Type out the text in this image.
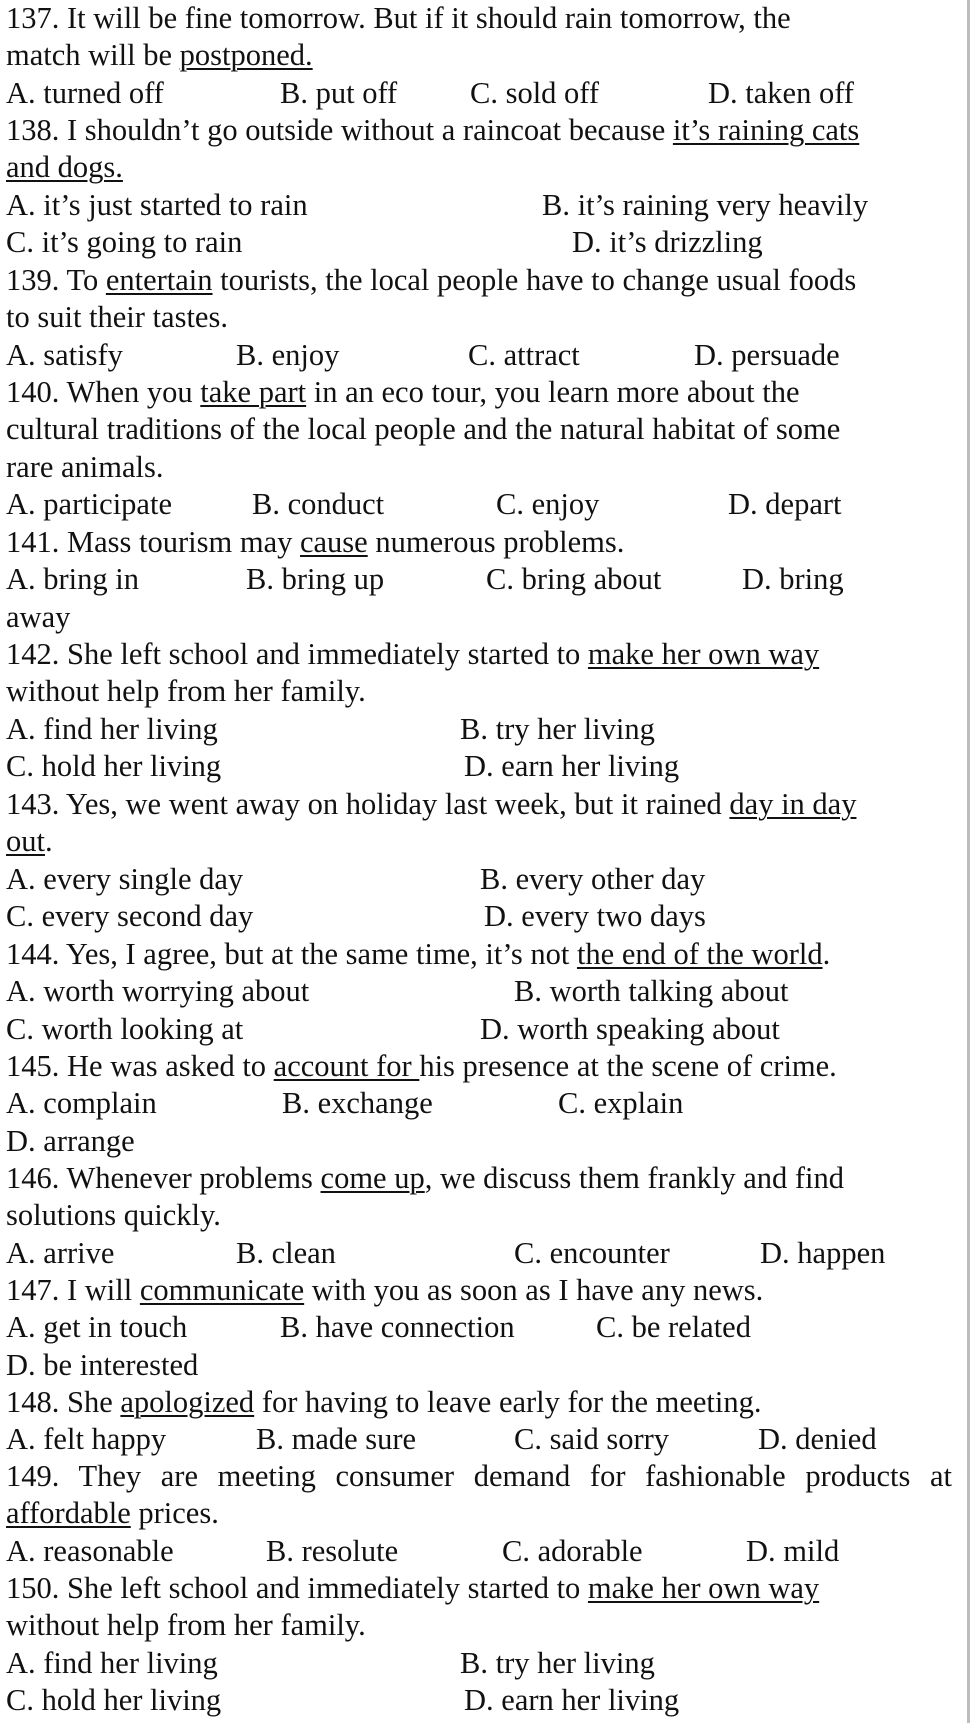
137. It will be fine tomorrow. But if it should rain tomorrow, the
match will be postponed.
A. turned off	B. put off C. sold off	D. taken off
138. I shouldn’t go outside without a raincoat because it’s raining cats
and dogs.
A. it’s just started to rain	B. it’s raining very heavily
C. it’s going to rain	D. it’s drizzling
139. To entertain tourists, the local people have to change usual foods
to suit their tastes.
A. satisfy	B. enjoy	C. attract	D. persuade
140. When you take part in an eco tour, you learn more about the
cultural traditions of the local people and the natural habitat of some
rare animals.
A. participate	B. conduct	C. enjoy	D. depart
141. Mass tourism may cause numerous problems.
A. bring in	B. bring up	C. bring about	D. bring
away
142. She left school and immediately started to make her own way
without help from her family.
A. find her living	B. try her living
C. hold her living	D. earn her living
143. Yes, we went away on holiday last week, but it rained day in day
out.
A. every single day	B. every other day
C. every second day	D. every two days
144. Yes, I agree, but at the same time, it’s not the end of the world.
A. worth worrying about	B. worth talking about
C. worth looking at	D. worth speaking about
145. He was asked to account for his presence at the scene of crime.
A. complain	B. exchange	C. explain
D. arrange
146. Whenever problems come up, we discuss them frankly and find
solutions quickly.
A. arrive	B. clean	C. encounter	D. happen
147. I will communicate with you as soon as I have any news.
A. get in touch	B. have connection	C. be related
D. be interested
148. She apologized for having to leave early for the meeting.
A. felt happy	B. made sure	C. said sorry	D. denied
149. They are meeting consumer demand for fashionable products at
affordable prices.
A. reasonable	B. resolute	C. adorable	D. mild
150. She left school and immediately started to make her own way
without help from her family.
A. find her living	B. try her living
C. hold her living	D. earn her living
